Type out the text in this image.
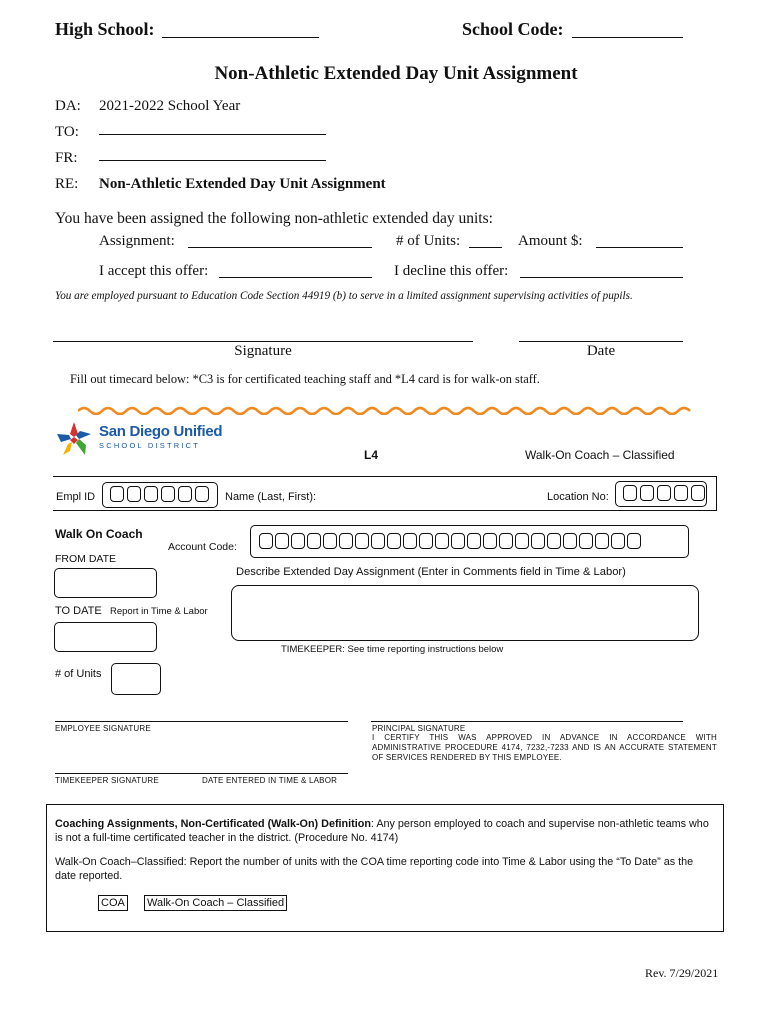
High School:	School Code:
Non-Athletic Extended Day Unit Assignment
DA: 2021-2022 School Year
TO:
FR:
RE: Non-Athletic Extended Day Unit Assignment
You have been assigned the following non-athletic extended day units:
Assignment:	# of Units:	Amount $:
I accept this offer:	I decline this offer:
You are employed pursuant to Education Code Section 44919 (b) to serve in a limited assignment supervising activities of pupils.
Signature	Date
Fill out timecard below: *C3 is for certificated teaching staff and *L4 card is for walk-on staff.
San Diego Unified
SCHOOL DISTRICT
L4	Walk-On Coach – Classified
Empl ID	Name (Last, First):	Location No:
Walk On Coach
Account Code:
FROM DATE
Describe Extended Day Assignment (Enter in Comments field in Time & Labor)
TO DATE Report in Time & Labor
TIMEKEEPER: See time reporting instructions below
# of Units
EMPLOYEE SIGNATURE	PRINCIPAL SIGNATURE
I CERTIFY THIS WAS APPROVED IN ADVANCE IN ACCORDANCE WITH ADMINISTRATIVE PROCEDURE 4174, 7232,-7233 AND IS AN ACCURATE STATEMENT OF SERVICES RENDERED BY THIS EMPLOYEE.
TIMEKEEPER SIGNATURE	DATE ENTERED IN TIME & LABOR
Coaching Assignments, Non-Certificated (Walk-On) Definition: Any person employed to coach and supervise non-athletic teams who is not a full-time certificated teacher in the district. (Procedure No. 4174)
Walk-On Coach–Classified: Report the number of units with the COA time reporting code into Time & Labor using the “To Date” as the date reported.
COA Walk-On Coach – Classified
Rev. 7/29/2021
